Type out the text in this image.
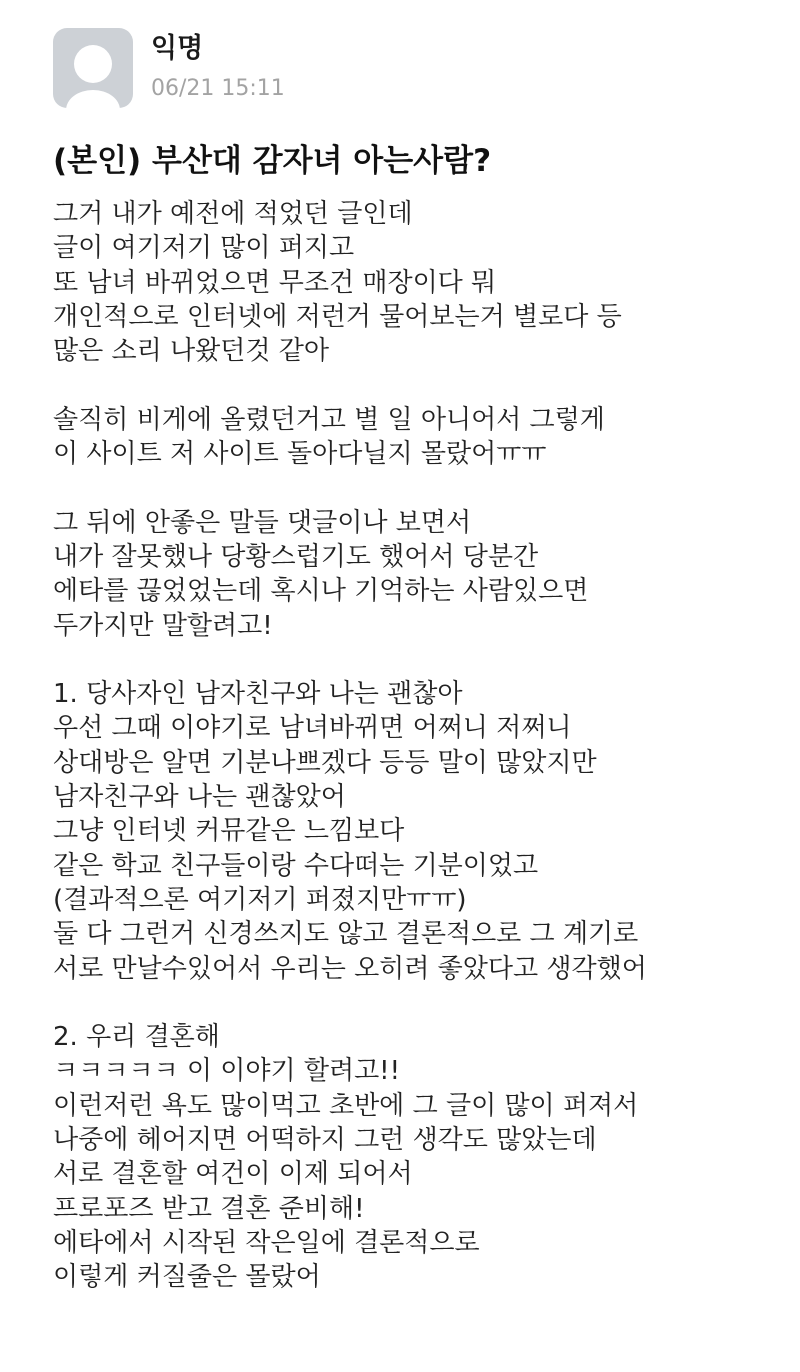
익명
06/21 15:11
(본인) 부산대 감자녀 아는사람?
그거 내가 예전에 적었던 글인데
글이 여기저기 많이 퍼지고
또 남녀 바뀌었으면 무조건 매장이다 뭐
개인적으로 인터넷에 저런거 물어보는거 별로다 등
많은 소리 나왔던것 같아
솔직히 비게에 올렸던거고 별 일 아니어서 그렇게
이 사이트 저 사이트 돌아다닐지 몰랐어ㅠㅠ
그 뒤에 안좋은 말들 댓글이나 보면서
내가 잘못했나 당황스럽기도 했어서 당분간
에타를 끊었었는데 혹시나 기억하는 사람있으면
두가지만 말할려고!
1. 당사자인 남자친구와 나는 괜찮아
우선 그때 이야기로 남녀바뀌면 어쩌니 저쩌니
상대방은 알면 기분나쁘겠다 등등 말이 많았지만
남자친구와 나는 괜찮았어
그냥 인터넷 커뮤같은 느낌보다
같은 학교 친구들이랑 수다떠는 기분이었고
(결과적으론 여기저기 퍼졌지만ㅠㅠ)
둘 다 그런거 신경쓰지도 않고 결론적으로 그 계기로
서로 만날수있어서 우리는 오히려 좋았다고 생각했어
2. 우리 결혼해
ㅋㅋㅋㅋㅋ 이 이야기 할려고!!
이런저런 욕도 많이먹고 초반에 그 글이 많이 퍼져서
나중에 헤어지면 어떡하지 그런 생각도 많았는데
서로 결혼할 여건이 이제 되어서
프로포즈 받고 결혼 준비해!
에타에서 시작된 작은일에 결론적으로
이렇게 커질줄은 몰랐어
